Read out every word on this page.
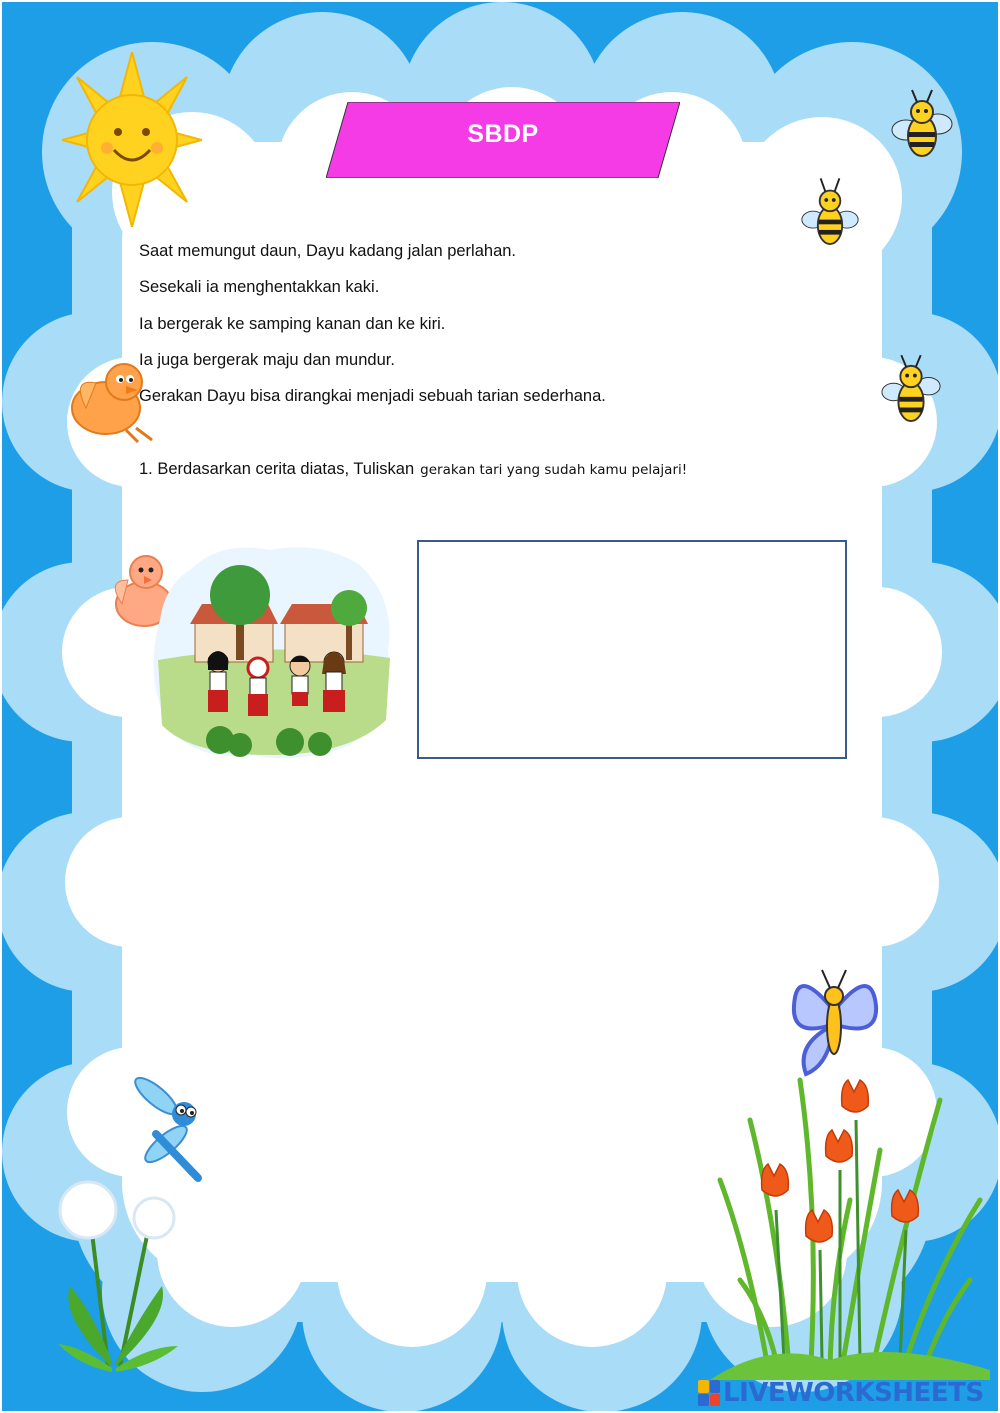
SBDP

Saat memungut daun, Dayu kadang jalan perlahan.

Sesekali ia menghentakkan kaki.

Ia bergerak ke samping kanan dan ke kiri.

Ia juga bergerak maju dan mundur.

Gerakan Dayu bisa dirangkai menjadi sebuah tarian sederhana.

1. Berdasarkan cerita diatas, Tuliskan gerakan tari yang sudah kamu pelajari!
LIVEWORKSHEETS
